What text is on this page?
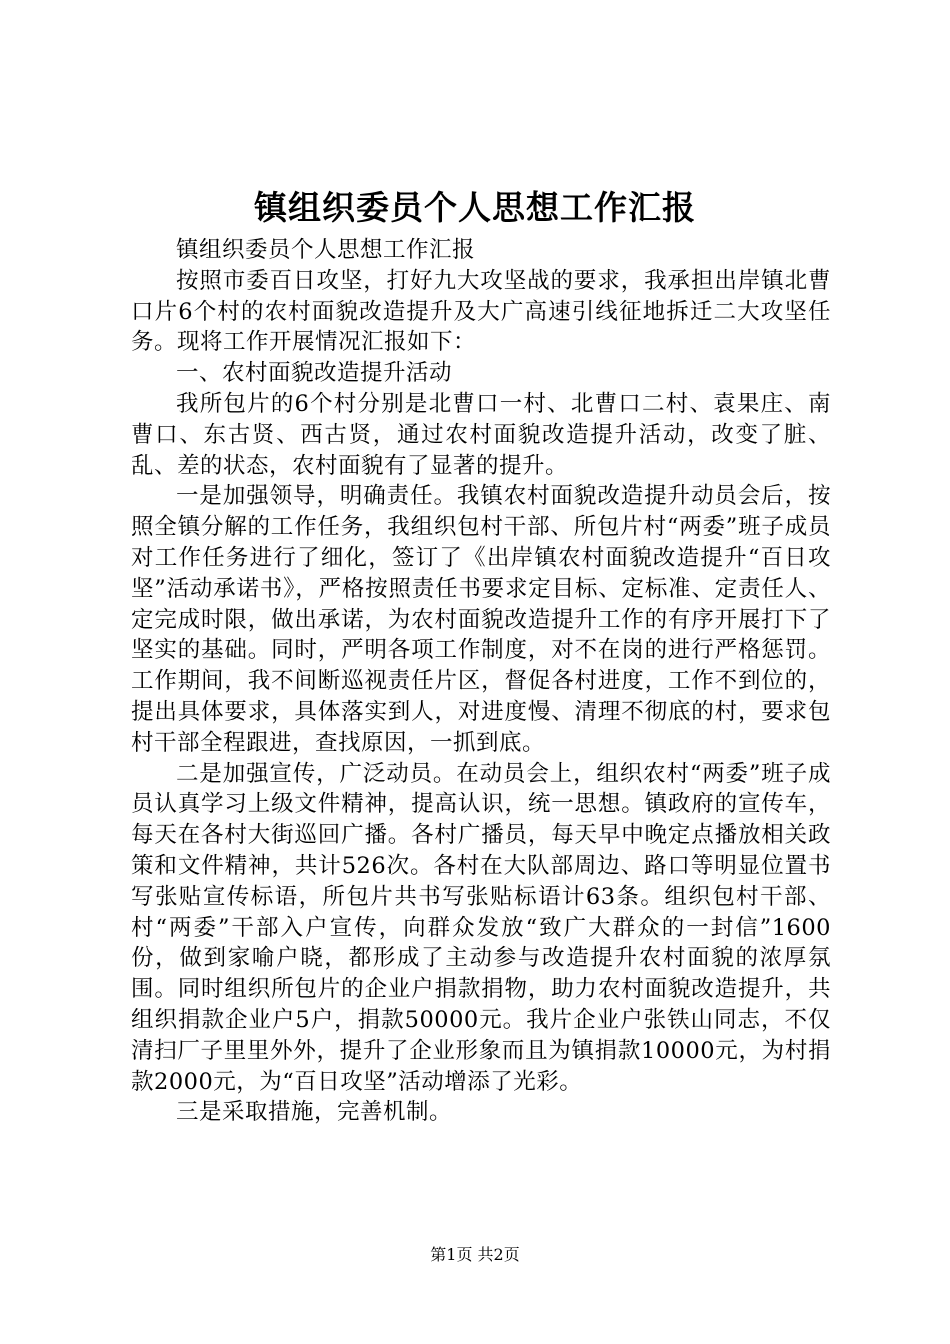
镇组织委员个人思想工作汇报

镇组织委员个人思想工作汇报

按照市委百日攻坚，打好九大攻坚战的要求，我承担出岸镇北曹口片6个村的农村面貌改造提升及大广高速引线征地拆迁二大攻坚任务。现将工作开展情况汇报如下：

一、农村面貌改造提升活动

我所包片的6个村分别是北曹口一村、北曹口二村、袁果庄、南曹口、东古贤、西古贤，通过农村面貌改造提升活动，改变了脏、乱、差的状态，农村面貌有了显著的提升。

一是加强领导，明确责任。我镇农村面貌改造提升动员会后，按照全镇分解的工作任务，我组织包村干部、所包片村“两委”班子成员对工作任务进行了细化，签订了《出岸镇农村面貌改造提升“百日攻坚”活动承诺书》，严格按照责任书要求定目标、定标准、定责任人、定完成时限，做出承诺，为农村面貌改造提升工作的有序开展打下了坚实的基础。同时，严明各项工作制度，对不在岗的进行严格惩罚。工作期间，我不间断巡视责任片区，督促各村进度，工作不到位的，提出具体要求，具体落实到人，对进度慢、清理不彻底的村，要求包村干部全程跟进，查找原因，一抓到底。

二是加强宣传，广泛动员。在动员会上，组织农村“两委”班子成员认真学习上级文件精神，提高认识，统一思想。镇政府的宣传车，每天在各村大街巡回广播。各村广播员，每天早中晚定点播放相关政策和文件精神，共计526次。各村在大队部周边、路口等明显位置书写张贴宣传标语，所包片共书写张贴标语计63条。组织包村干部、村“两委”干部入户宣传，向群众发放“致广大群众的一封信”1600份，做到家喻户晓，都形成了主动参与改造提升农村面貌的浓厚氛围。同时组织所包片的企业户捐款捐物，助力农村面貌改造提升，共组织捐款企业户5户，捐款50000元。我片企业户张铁山同志，不仅清扫厂子里里外外，提升了企业形象而且为镇捐款10000元，为村捐款2000元，为“百日攻坚”活动增添了光彩。

三是采取措施，完善机制。

第1页 共2页
